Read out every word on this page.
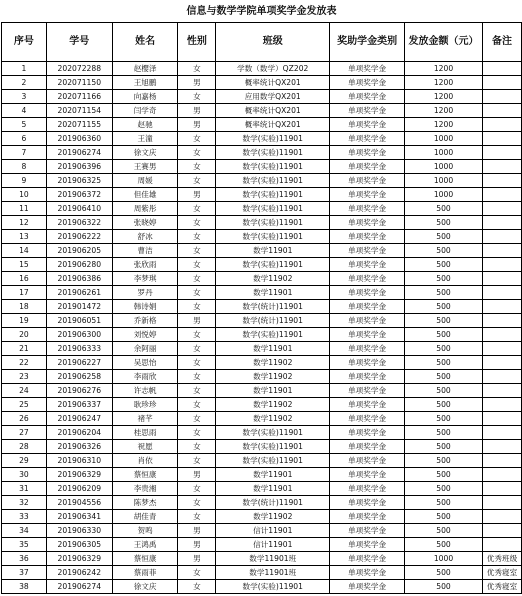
信息与数学学院单项奖学金发放表							
序号	学号	姓名	性别	班级	奖助学金类别	发放金额（元）	备注
1	202072288	赵樱泽	女	学数（数学）QZ202	单项奖学金	1200	
2	202071150	王旭鹏	男	概率统计QX201	单项奖学金	1200	
3	202071166	向嘉杨	女	应用数学QX201	单项奖学金	1200	
4	202071154	闫学奇	男	概率统计QX201	单项奖学金	1200	
5	202071155	赵驰	男	概率统计QX201	单项奖学金	1200	
6	201906360	王潼	女	数学(实验)11901	单项奖学金	1000	
7	201906274	徐文庆	女	数学(实验)11901	单项奖学金	1000	
8	201906396	王赛男	女	数学(实验)11901	单项奖学金	1000	
9	201906325	周媛	女	数学(实验)11901	单项奖学金	1000	
10	201906372	但佳雄	男	数学(实验)11901	单项奖学金	1000	
11	201906410	周紫彤	女	数学(实验)11901	单项奖学金	500	
12	201906322	张晓婷	女	数学(实验)11901	单项奖学金	500	
13	201906222	舒冰	女	数学(实验)11901	单项奖学金	500	
14	201906205	曹洁	女	数学11901	单项奖学金	500	
15	201906280	张欣雨	女	数学(实验)11901	单项奖学金	500	
16	201906386	李梦琪	女	数学11902	单项奖学金	500	
17	201906261	罗丹	女	数学11901	单项奖学金	500	
18	201901472	韩诗娟	女	数学(统计)11901	单项奖学金	500	
19	201906051	乔新格	男	数学(统计)11901	单项奖学金	500	
20	201906300	刘悦婷	女	数学(实验)11901	单项奖学金	500	
21	201906333	余阿丽	女	数学11901	单项奖学金	500	
22	201906227	吴思怡	女	数学11902	单项奖学金	500	
23	201906258	李雨欣	女	数学11902	单项奖学金	500	
24	201906276	许志帆	女	数学11901	单项奖学金	500	
25	201906337	耿珍珍	女	数学11902	单项奖学金	500	
26	201906247	褚芊	女	数学11902	单项奖学金	500	
27	201906204	桂思雨	女	数学(实验)11901	单项奖学金	500	
28	201906326	祝愿	女	数学(实验)11901	单项奖学金	500	
29	201906310	肖依	女	数学(实验)11901	单项奖学金	500	
30	201906329	蔡恒康	男	数学11901	单项奖学金	500	
31	201906209	李贵湘	女	数学11901	单项奖学金	500	
32	201904556	陈梦杰	女	数学(统计)11901	单项奖学金	500	
33	201906341	胡佳青	女	数学11902	单项奖学金	500	
34	201906330	贺鸣	男	信计11901	单项奖学金	500	
35	201906305	王鸿禹	男	信计11901	单项奖学金	500	
36	201906329	蔡恒康	男	数学11901班	单项奖学金	1000	优秀班级
37	201906242	蔡雨菲	女	数学11901班	单项奖学金	500	优秀寝室
38	201906274	徐文庆	女	数学(实验)11901	单项奖学金	500	优秀寝室
